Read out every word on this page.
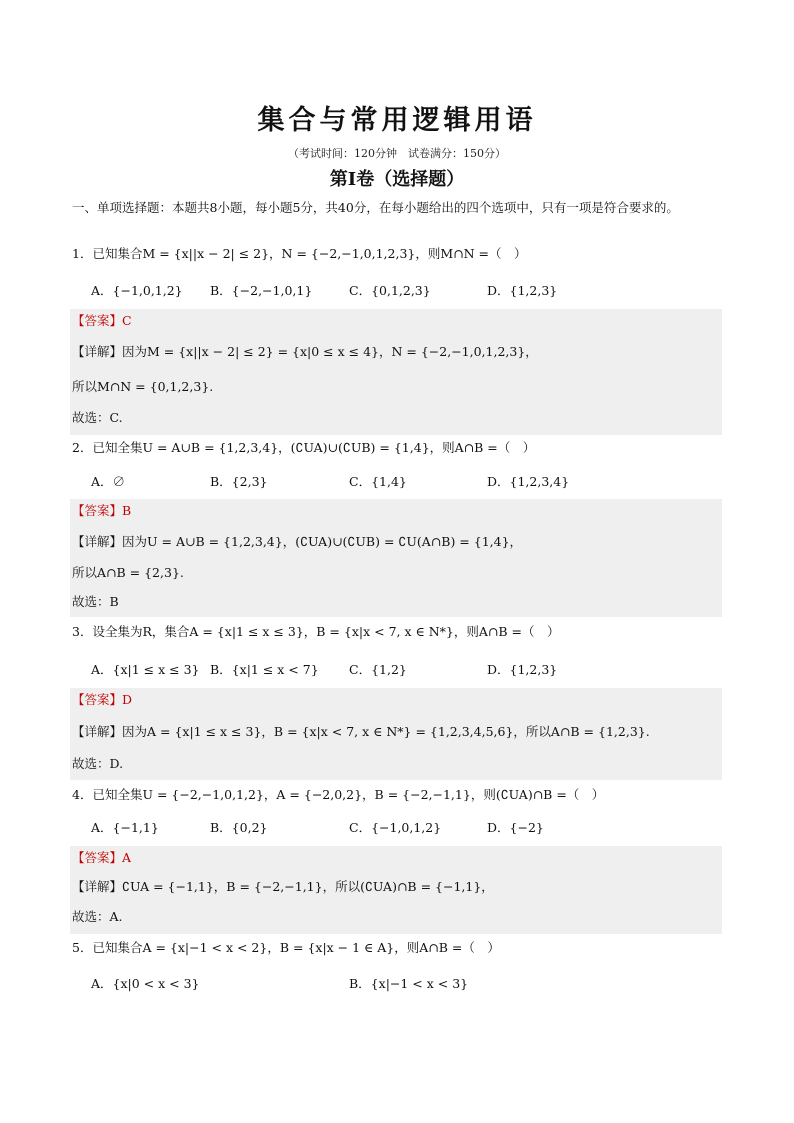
集合与常用逻辑用语
（考试时间：120分钟　试卷满分：150分）
第I卷（选择题）
一、单项选择题：本题共8小题，每小题5分，共40分，在每小题给出的四个选项中，只有一项是符合要求的。
1．已知集合M = {x||x − 2| ≤ 2}，N = {−2,−1,0,1,2,3}，则M∩N =（　）
A．{−1,0,1,2} B．{−2,−1,0,1}	C．{0,1,2,3}	D．{1,2,3}
【答案】C
【详解】因为M = {x||x − 2| ≤ 2} = {x|0 ≤ x ≤ 4}，N = {−2,−1,0,1,2,3}，
所以M∩N = {0,1,2,3}.
故选：C.
2．已知全集U = A∪B = {1,2,3,4}，(∁UA)∪(∁UB) = {1,4}，则A∩B =（　）
A．∅	B．{2,3}	C．{1,4}	D．{1,2,3,4}
【答案】B
【详解】因为U = A∪B = {1,2,3,4}，(∁UA)∪(∁UB) = ∁U(A∩B) = {1,4}，
所以A∩B = {2,3}.
故选：B
3．设全集为R，集合A = {x|1 ≤ x ≤ 3}，B = {x|x < 7, x ∈ N*}，则A∩B =（　）
A．{x|1 ≤ x ≤ 3} B．{x|1 ≤ x < 7} C．{1,2}	D．{1,2,3}
【答案】D
【详解】因为A = {x|1 ≤ x ≤ 3}，B = {x|x < 7, x ∈ N*} = {1,2,3,4,5,6}，所以A∩B = {1,2,3}.
故选：D.
4．已知全集U = {−2,−1,0,1,2}，A = {−2,0,2}，B = {−2,−1,1}，则(∁UA)∩B =（　）
A．{−1,1}	B．{0,2}	C．{−1,0,1,2}	D．{−2}
【答案】A
【详解】∁UA = {−1,1}，B = {−2,−1,1}，所以(∁UA)∩B = {−1,1}，
故选：A.
5．已知集合A = {x|−1 < x < 2}，B = {x|x − 1 ∈ A}，则A∩B =（　）
A．{x|0 < x < 3}	B．{x|−1 < x < 3}
